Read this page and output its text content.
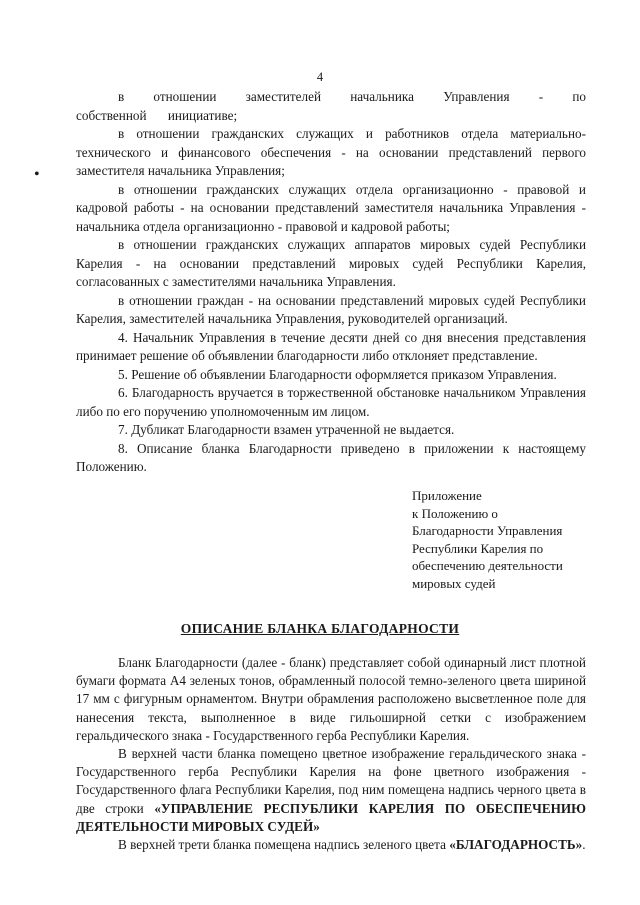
4
•

в отношении заместителей начальника Управления - по собственной инициативе;

в отношении гражданских служащих и работников отдела материально-технического и финансового обеспечения - на основании представлений первого заместителя начальника Управления;

в отношении гражданских служащих отдела организационно - правовой и кадровой работы - на основании представлений заместителя начальника Управления - начальника отдела организационно - правовой и кадровой работы;

в отношении гражданских служащих аппаратов мировых судей Республики Карелия - на основании представлений мировых судей Республики Карелия, согласованных с заместителями начальника Управления.

в отношении граждан - на основании представлений мировых судей Республики Карелия, заместителей начальника Управления, руководителей организаций.

4. Начальник Управления в течение десяти дней со дня внесения представления принимает решение об объявлении благодарности либо отклоняет представление.

5. Решение об объявлении Благодарности оформляется приказом Управления.

6. Благодарность вручается в торжественной обстановке начальником Управления либо по его поручению уполномоченным им лицом.

7. Дубликат Благодарности взамен утраченной не выдается.

8. Описание бланка Благодарности приведено в приложении к настоящему Положению.

Приложение
к Положению о
Благодарности Управления
Республики Карелия по
обеспечению деятельности
мировых судей
ОПИСАНИЕ БЛАНКА БЛАГОДАРНОСТИ

Бланк Благодарности (далее - бланк) представляет собой одинарный лист плотной бумаги формата А4 зеленых тонов, обрамленный полосой темно-зеленого цвета шириной 17 мм с фигурным орнаментом. Внутри обрамления расположено высветленное поле для нанесения текста, выполненное в виде гильоширной сетки с изображением геральдического знака - Государственного герба Республики Карелия.

В верхней части бланка помещено цветное изображение геральдического знака - Государственного герба Республики Карелия на фоне цветного изображения - Государственного флага Республики Карелия, под ним помещена надпись черного цвета в две строки «УПРАВЛЕНИЕ РЕСПУБЛИКИ КАРЕЛИЯ ПО ОБЕСПЕЧЕНИЮ ДЕЯТЕЛЬНОСТИ МИРОВЫХ СУДЕЙ»

В верхней трети бланка помещена надпись зеленого цвета «БЛАГОДАРНОСТЬ».
